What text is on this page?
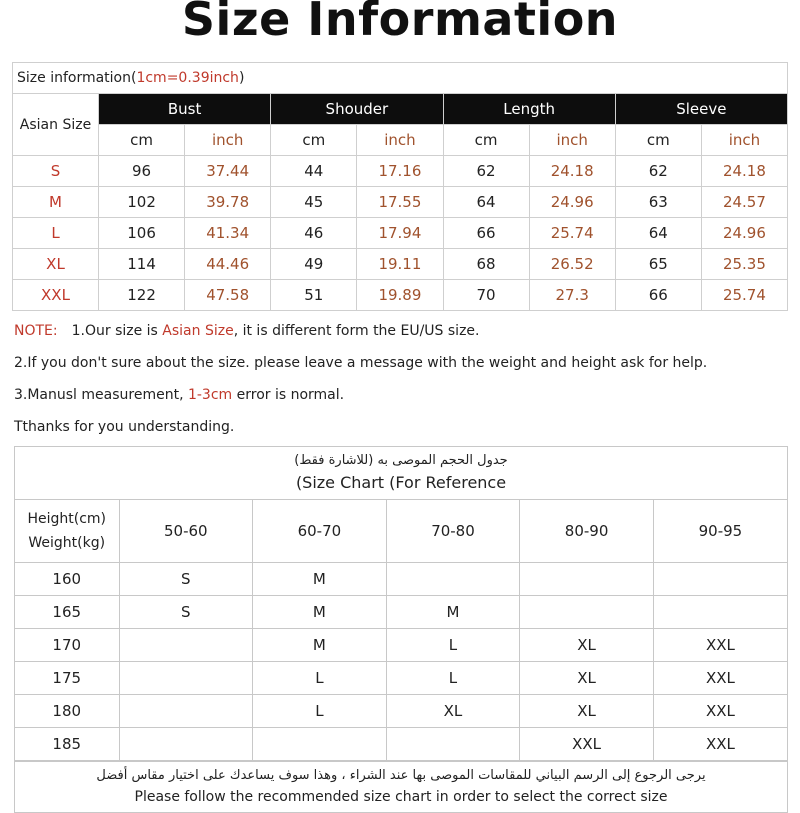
Size Information
Size information(1cm=0.39inch)
Asian Size	Bust		Shouder		Length		Sleeve	
	cm	inch	cm	inch	cm	inch	cm	inch
S	96	37.44	44	17.16	62	24.18	62	24.18
M	102	39.78	45	17.55	64	24.96	63	24.57
L	106	41.34	46	17.94	66	25.74	64	24.96
XL	114	44.46	49	19.11	68	26.52	65	25.35
XXL	122	47.58	51	19.89	70	27.3	66	25.74
NOTE: 1.Our size is Asian Size, it is different form the EU/US size.
2.If you don't sure about the size. please leave a message with the weight and height ask for help.
3.Manusl measurement, 1-3cm error is normal.
Tthanks for you understanding.
جدول الحجم الموصى به (للاشارة فقط)
(Size Chart (For Reference
Height(cm)
Weight(kg)	50-60	60-70	70-80	80-90	90-95
160	S	M			
165	S	M	M		
170		M	L	XL	XXL
175		L	L	XL	XXL
180		L	XL	XL	XXL
185				XXL	XXL
يرجى الرجوع إلى الرسم البياني للمقاسات الموصى بها عند الشراء ، وهذا سوف يساعدك على اختيار مقاس أفضل
Please follow the recommended size chart in order to select the correct size
